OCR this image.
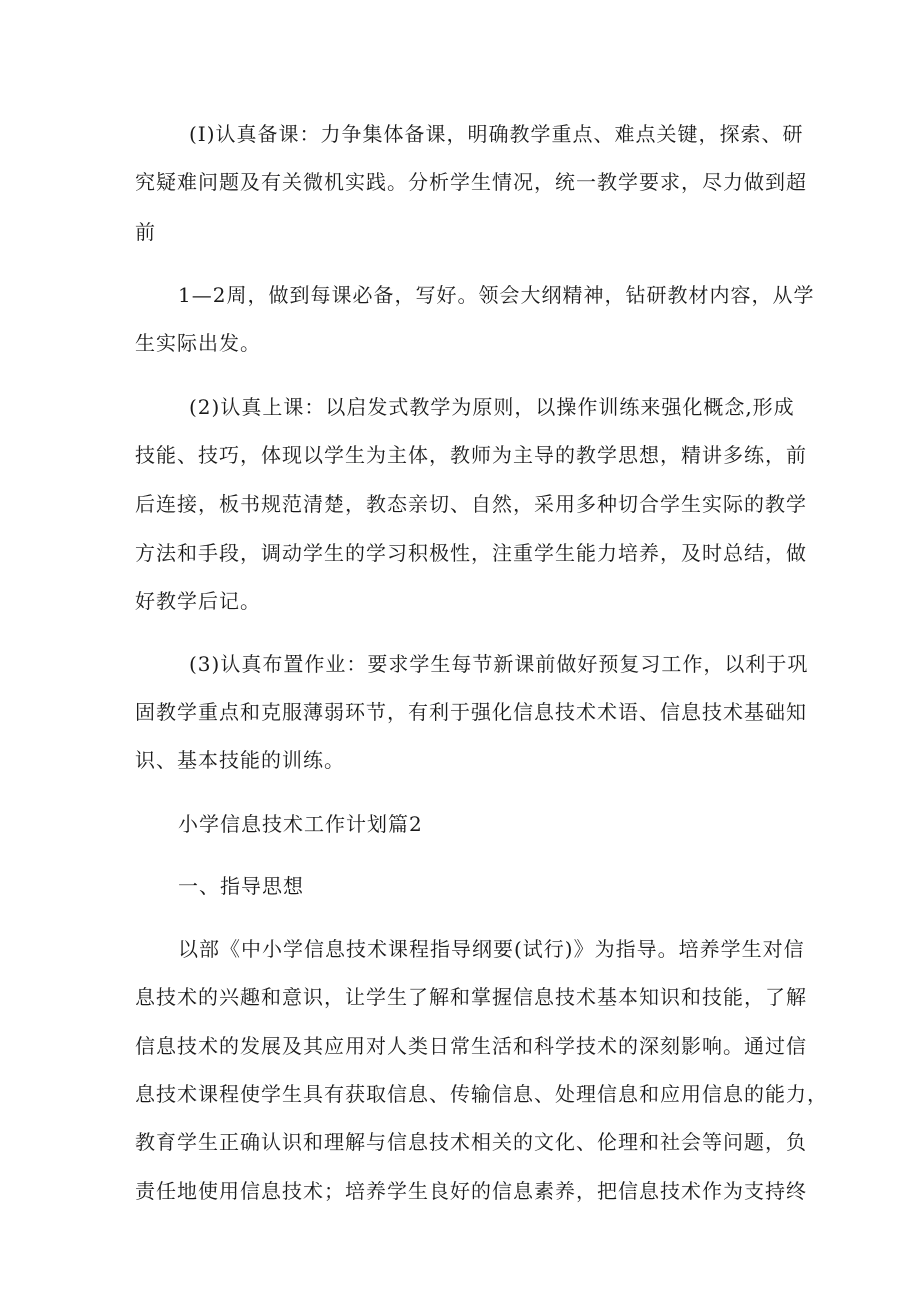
(I)认真备课：力争集体备课，明确教学重点、难点关键，探索、研
究疑难问题及有关微机实践。分析学生情况，统一教学要求，尽力做到超
前
1—2周，做到每课必备，写好。领会大纲精神，钻研教材内容，从学
生实际出发。
(2)认真上课：以启发式教学为原则，以操作训练来强化概念,形成
技能、技巧，体现以学生为主体，教师为主导的教学思想，精讲多练，前
后连接，板书规范清楚，教态亲切、自然，采用多种切合学生实际的教学
方法和手段，调动学生的学习积极性，注重学生能力培养，及时总结，做
好教学后记。
(3)认真布置作业：要求学生每节新课前做好预复习工作，以利于巩
固教学重点和克服薄弱环节，有利于强化信息技术术语、信息技术基础知
识、基本技能的训练。
小学信息技术工作计划篇2
一、指导思想
以部《中小学信息技术课程指导纲要(试行)》为指导。培养学生对信
息技术的兴趣和意识，让学生了解和掌握信息技术基本知识和技能，了解
信息技术的发展及其应用对人类日常生活和科学技术的深刻影响。通过信
息技术课程使学生具有获取信息、传输信息、处理信息和应用信息的能力，
教育学生正确认识和理解与信息技术相关的文化、伦理和社会等问题，负
责任地使用信息技术；培养学生良好的信息素养，把信息技术作为支持终
